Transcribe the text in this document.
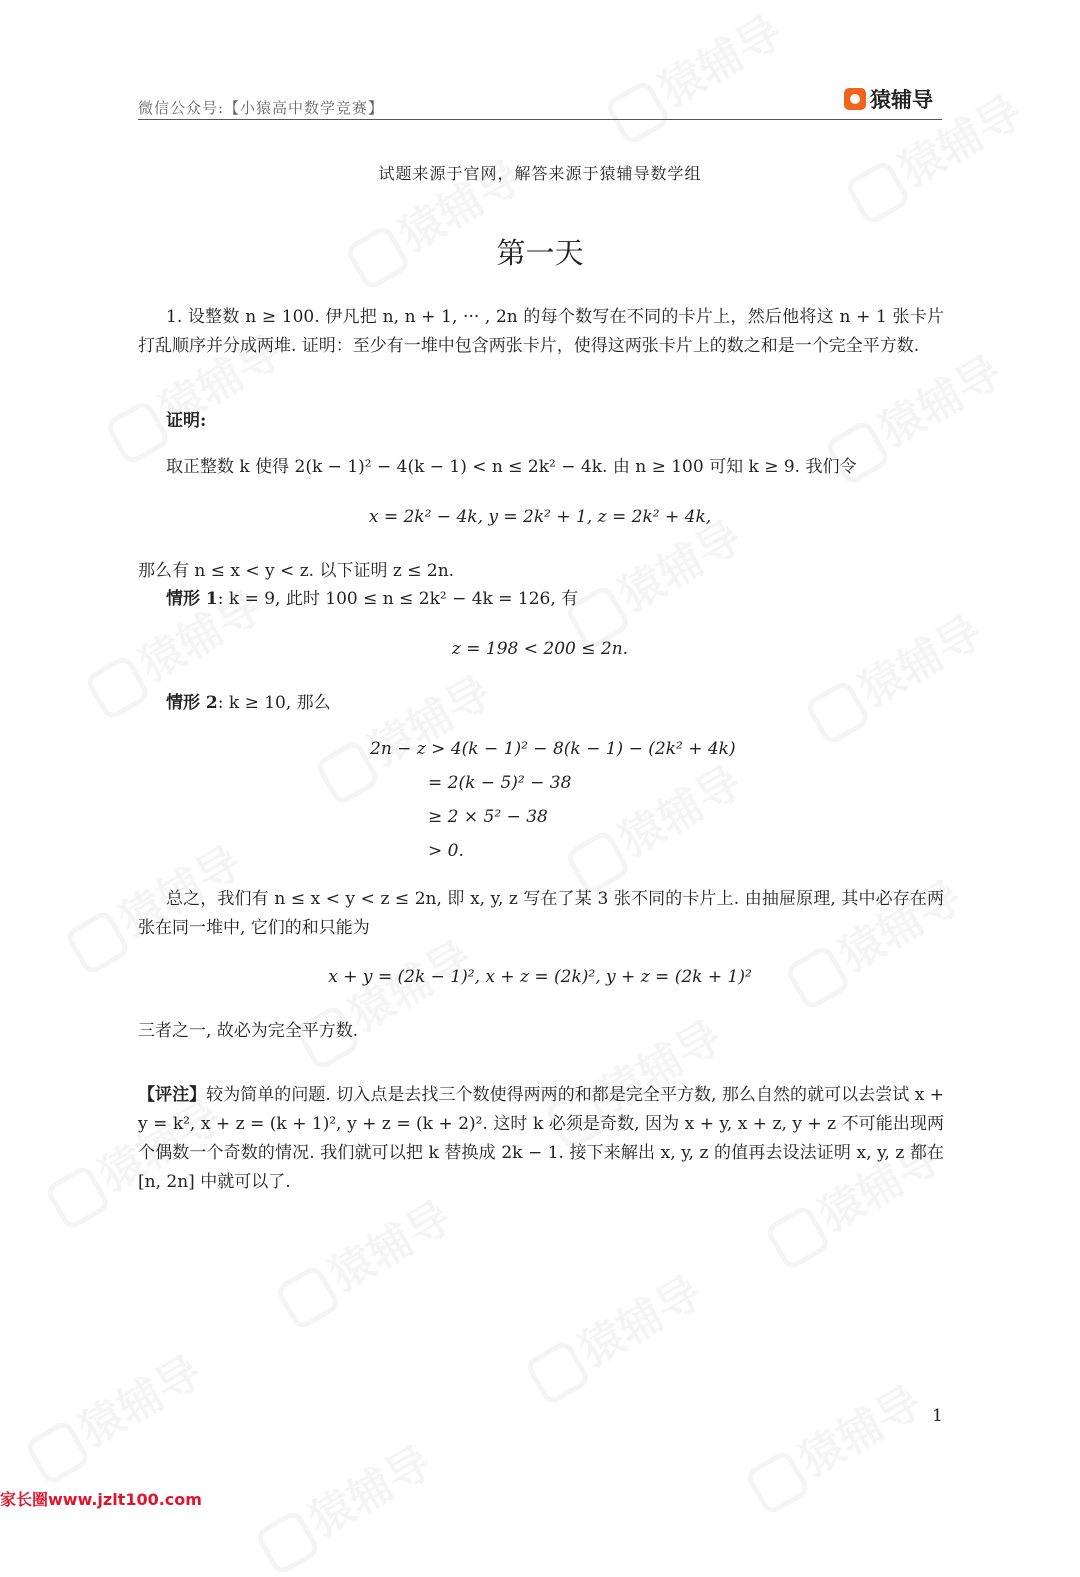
微信公众号:【小猿高中数学竞赛】	猿辅导
试题来源于官网，解答来源于猿辅导数学组
第一天
1. 设整数 n ≥ 100. 伊凡把 n, n + 1, ··· , 2n 的每个数写在不同的卡片上，然后他将这 n + 1 张卡片打乱顺序并分成两堆. 证明：至少有一堆中包含两张卡片，使得这两张卡片上的数之和是一个完全平方数.
证明:
取正整数 k 使得 2(k − 1)² − 4(k − 1) < n ≤ 2k² − 4k. 由 n ≥ 100 可知 k ≥ 9. 我们令
x = 2k² − 4k, y = 2k² + 1, z = 2k² + 4k,
那么有 n ≤ x < y < z. 以下证明 z ≤ 2n.
情形 1: k = 9, 此时 100 ≤ n ≤ 2k² − 4k = 126, 有
z = 198 < 200 ≤ 2n.
情形 2: k ≥ 10, 那么
2n − z > 4(k − 1)² − 8(k − 1) − (2k² + 4k)
= 2(k − 5)² − 38
≥ 2 × 5² − 38
> 0.
总之，我们有 n ≤ x < y < z ≤ 2n, 即 x, y, z 写在了某 3 张不同的卡片上. 由抽屉原理, 其中必存在两张在同一堆中, 它们的和只能为
x + y = (2k − 1)², x + z = (2k)², y + z = (2k + 1)²
三者之一, 故必为完全平方数.
【评注】较为简单的问题. 切入点是去找三个数使得两两的和都是完全平方数, 那么自然的就可以去尝试 x + y = k², x + z = (k + 1)², y + z = (k + 2)². 这时 k 必须是奇数, 因为 x + y, x + z, y + z 不可能出现两个偶数一个奇数的情况. 我们就可以把 k 替换成 2k − 1. 接下来解出 x, y, z 的值再去设法证明 x, y, z 都在 [n, 2n] 中就可以了.
1
家长圈www.jzlt100.com
